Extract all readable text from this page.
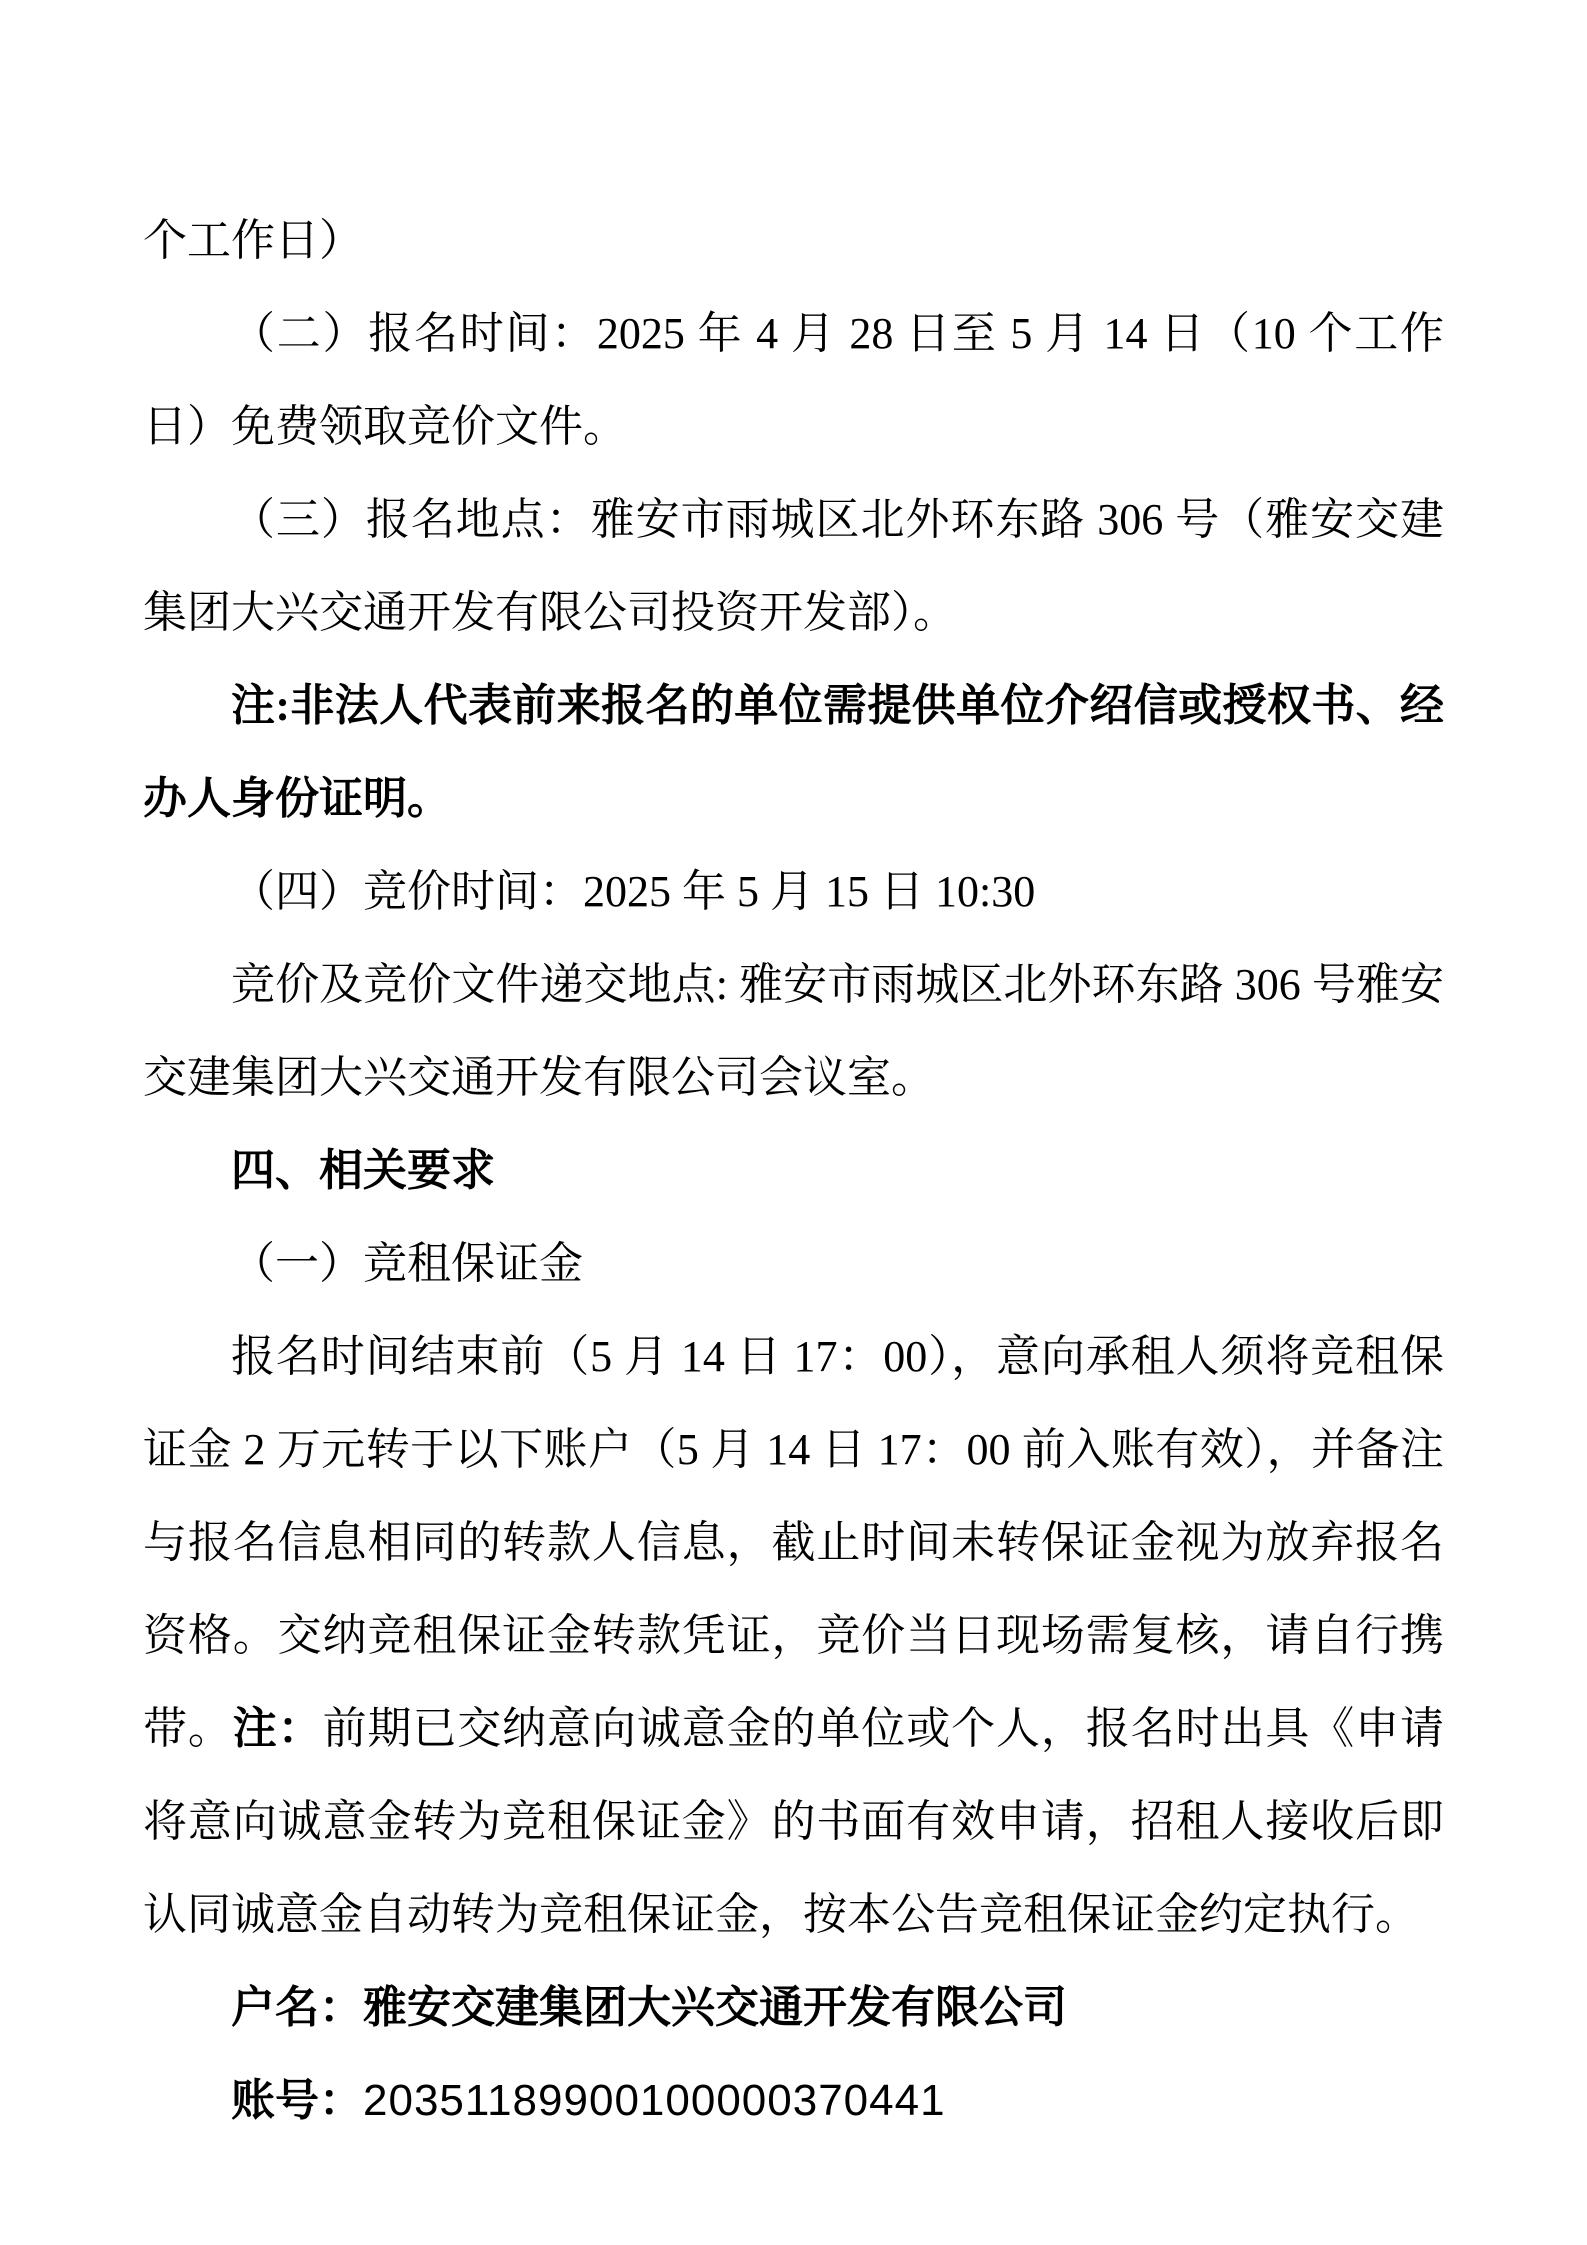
个工作日）

（二）报名时间：2025 年 4 月 28 日至 5 月 14 日（10 个工作日）免费领取竞价文件。

（三）报名地点：雅安市雨城区北外环东路 306 号（雅安交建集团大兴交通开发有限公司投资开发部）。

注:非法人代表前来报名的单位需提供单位介绍信或授权书、经办人身份证明。

（四）竞价时间：2025 年 5 月 15 日 10:30

竞价及竞价文件递交地点: 雅安市雨城区北外环东路 306 号雅安交建集团大兴交通开发有限公司会议室。

四、相关要求

（一）竞租保证金

报名时间结束前（5 月 14 日 17：00），意向承租人须将竞租保证金 2 万元转于以下账户（5 月 14 日 17：00 前入账有效），并备注与报名信息相同的转款人信息，截止时间未转保证金视为放弃报名资格。交纳竞租保证金转款凭证，竞价当日现场需复核，请自行携带。注：前期已交纳意向诚意金的单位或个人，报名时出具《申请将意向诚意金转为竞租保证金》的书面有效申请，招租人接收后即认同诚意金自动转为竞租保证金，按本公告竞租保证金约定执行。

户名：雅安交建集团大兴交通开发有限公司

账号：20351189900100000370441
